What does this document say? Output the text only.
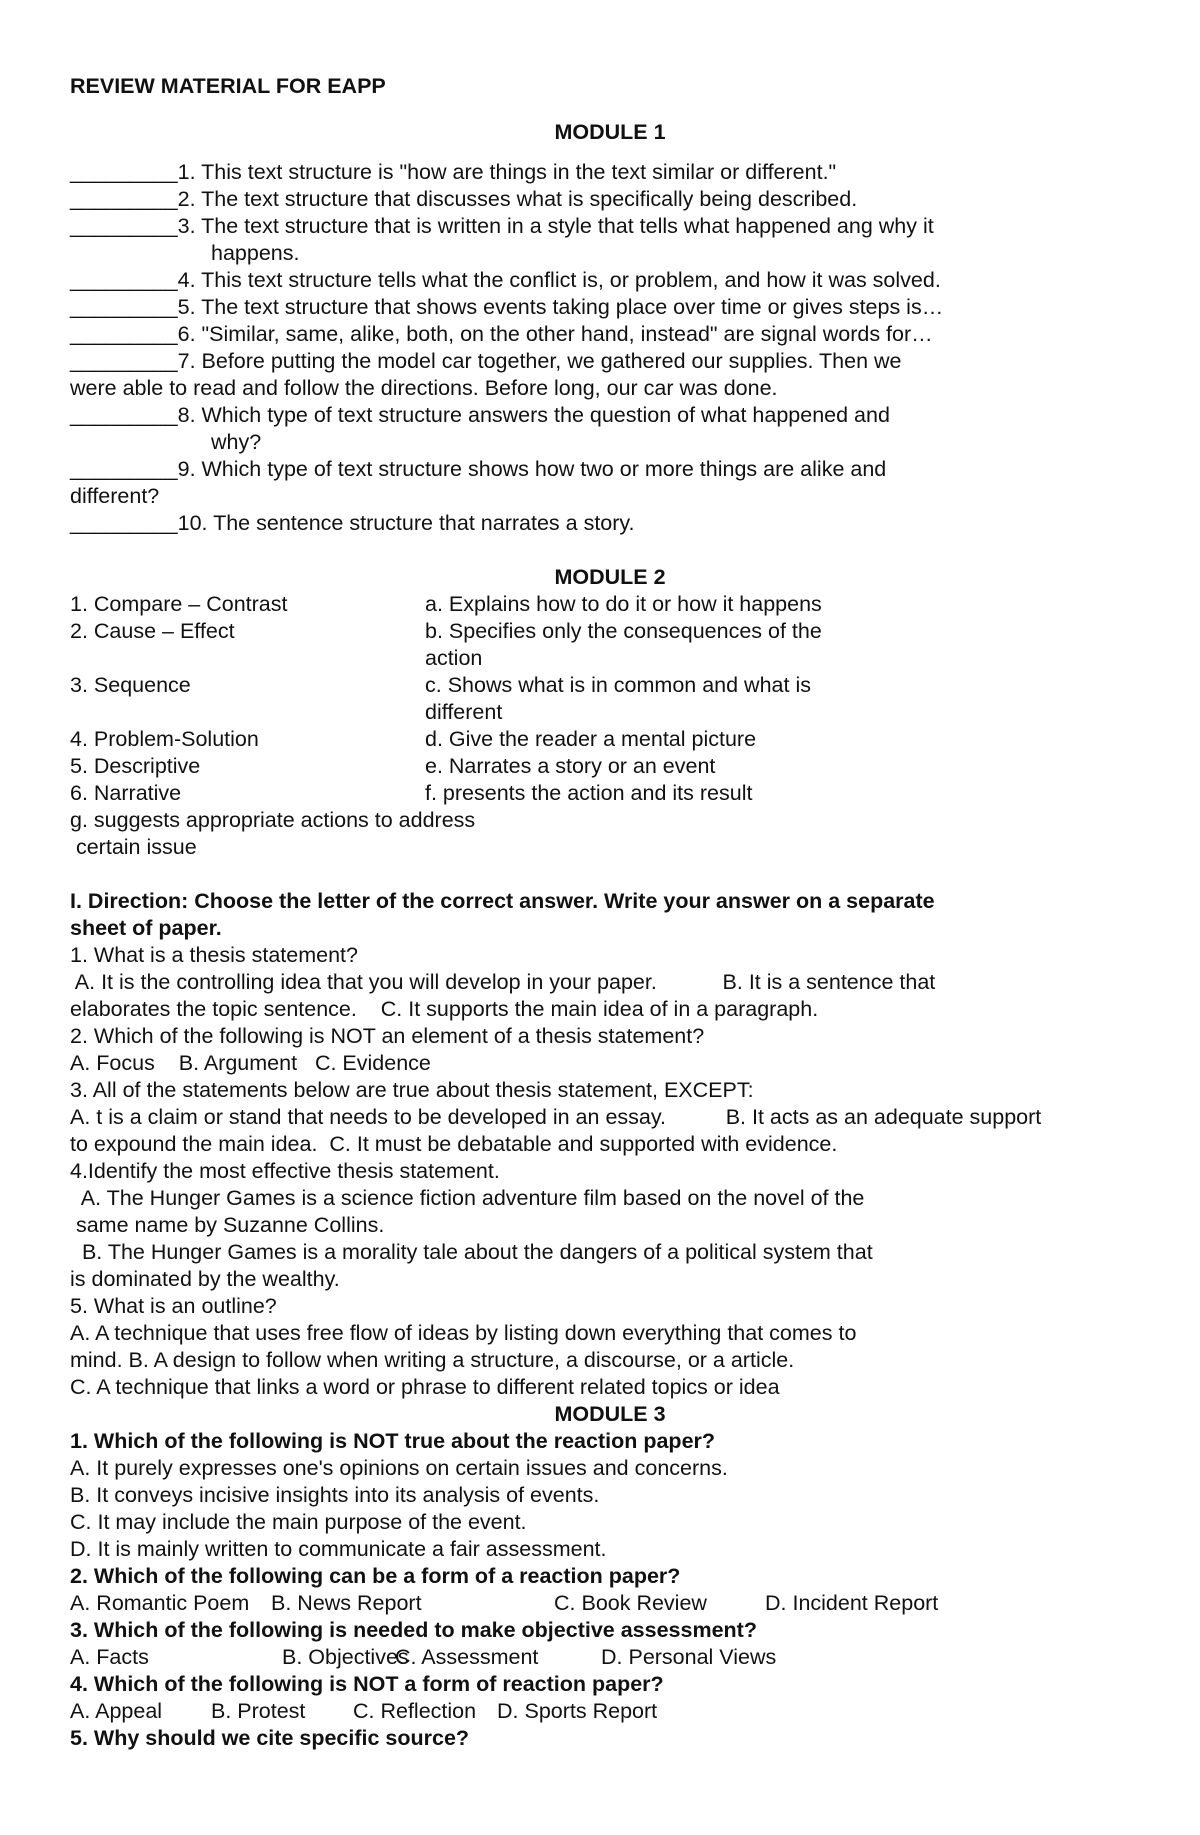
REVIEW MATERIAL FOR EAPP
MODULE 1
_________1. This text structure is "how are things in the text similar or different."
_________2. The text structure that discusses what is specifically being described.
_________3. The text structure that is written in a style that tells what happened ang why it
happens.
_________4. This text structure tells what the conflict is, or problem, and how it was solved.
_________5. The text structure that shows events taking place over time or gives steps is…
_________6. "Similar, same, alike, both, on the other hand, instead" are signal words for…
_________7. Before putting the model car together, we gathered our supplies. Then we
were able to read and follow the directions. Before long, our car was done.
_________8. Which type of text structure answers the question of what happened and
why?
_________9. Which type of text structure shows how two or more things are alike and
different?
_________10. The sentence structure that narrates a story.
MODULE 2
1. Compare – Contrast	a. Explains how to do it or how it happens
2. Cause – Effect	b. Specifies only the consequences of the
action
3. Sequence	c. Shows what is in common and what is
different
4. Problem-Solution	d. Give the reader a mental picture
5. Descriptive	e. Narrates a story or an event
6. Narrative	f. presents the action and its result
g. suggests appropriate actions to address
certain issue
I. Direction: Choose the letter of the correct answer. Write your answer on a separate
sheet of paper.
1. What is a thesis statement?
A. It is the controlling idea that you will develop in your paper.           B. It is a sentence that
elaborates the topic sentence.    C. It supports the main idea of in a paragraph.
2. Which of the following is NOT an element of a thesis statement?
A. Focus    B. Argument   C. Evidence
3. All of the statements below are true about thesis statement, EXCEPT:
A. t is a claim or stand that needs to be developed in an essay.          B. It acts as an adequate support
to expound the main idea.  C. It must be debatable and supported with evidence.
4.Identify the most effective thesis statement.
A. The Hunger Games is a science fiction adventure film based on the novel of the
same name by Suzanne Collins.
B. The Hunger Games is a morality tale about the dangers of a political system that
is dominated by the wealthy.
5. What is an outline?
A. A technique that uses free flow of ideas by listing down everything that comes to
mind. B. A design to follow when writing a structure, a discourse, or a article.
C. A technique that links a word or phrase to different related topics or idea
MODULE 3
1. Which of the following is NOT true about the reaction paper?
A. It purely expresses one's opinions on certain issues and concerns.
B. It conveys incisive insights into its analysis of events.
C. It may include the main purpose of the event.
D. It is mainly written to communicate a fair assessment.
2. Which of the following can be a form of a reaction paper?
A. Romantic Poem B. News Report	C. Book Review	D. Incident Report
3. Which of the following is needed to make objective assessment?
A. Facts	B. ObjectivesC. Assessment	D. Personal Views
4. Which of the following is NOT a form of reaction paper?
A. Appeal B. Protest C. Reflection D. Sports Report
5. Why should we cite specific source?
